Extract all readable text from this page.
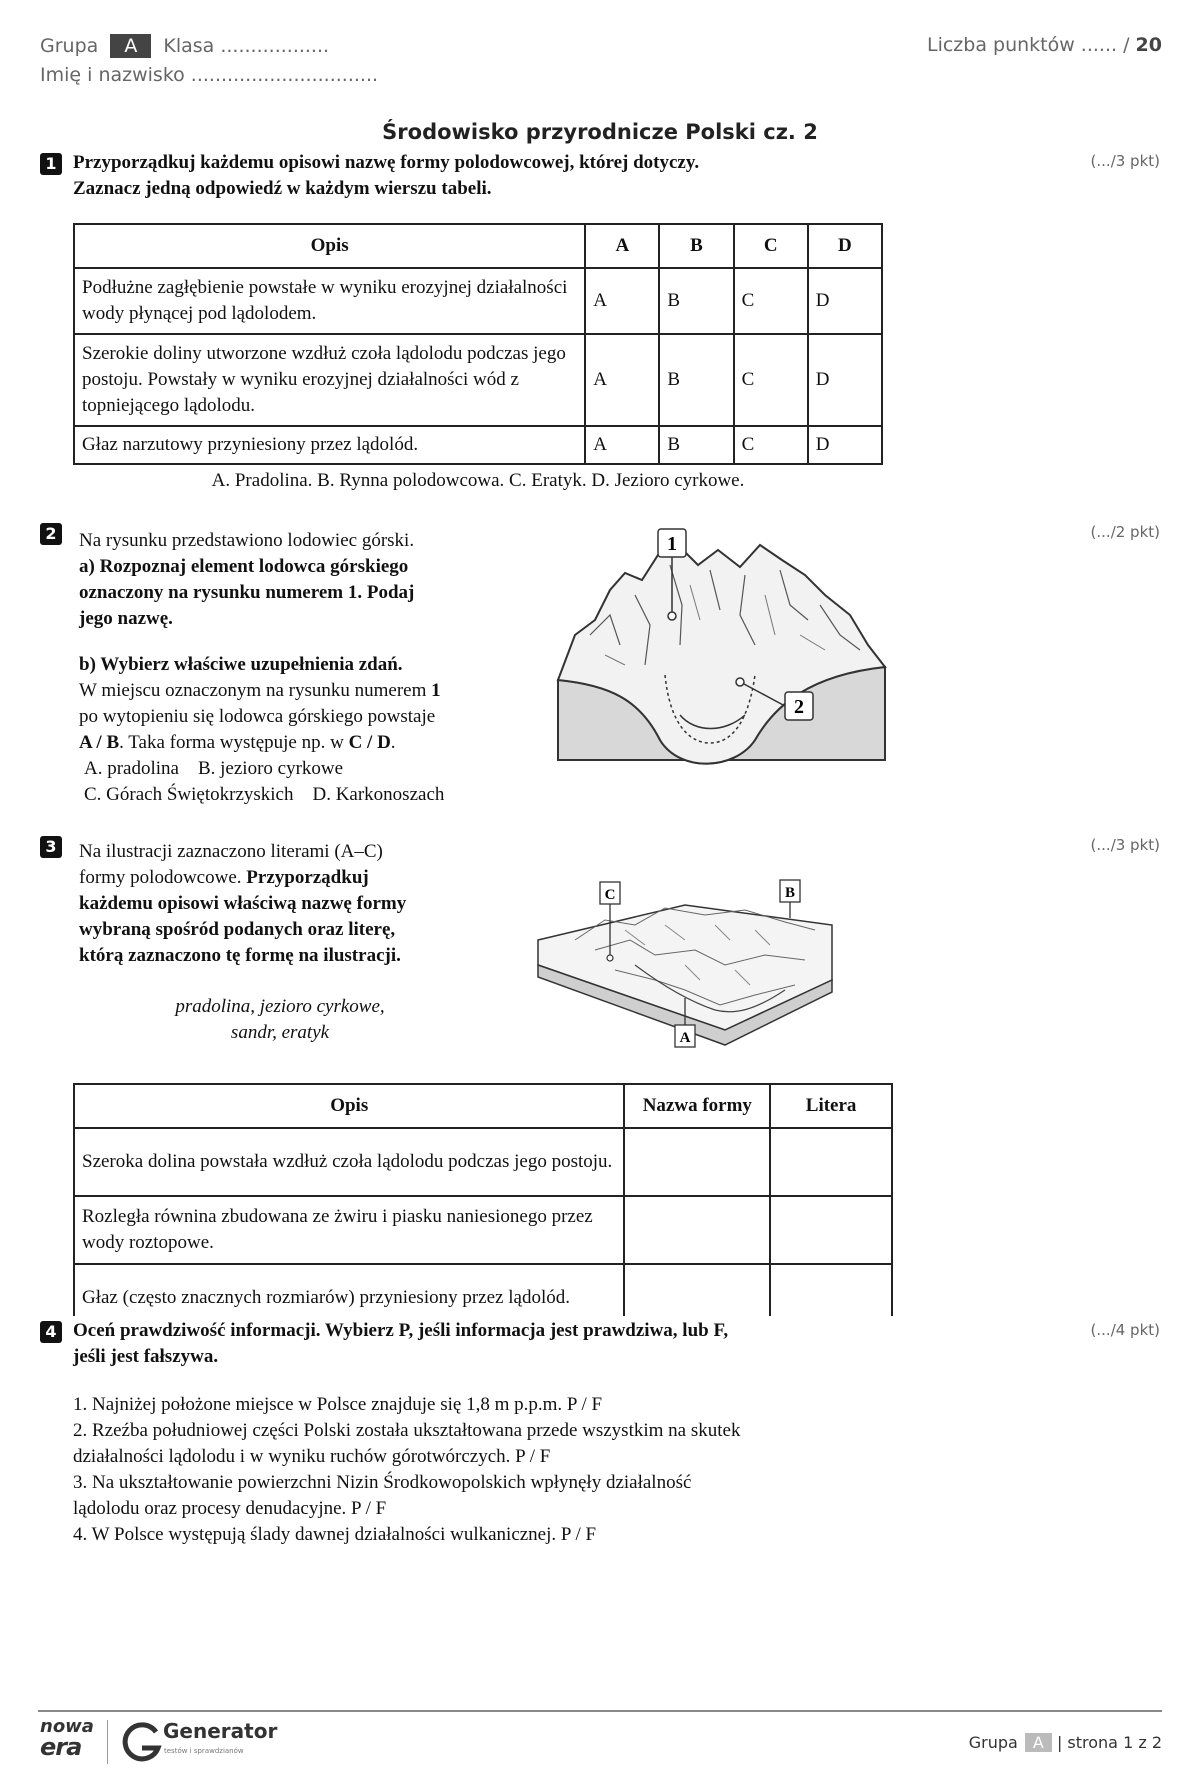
Grupa A Klasa ..................
Imię i nazwisko ...............................
Liczba punktów ...... / 20
Środowisko przyrodnicze Polski cz. 2
1 Przyporządkuj każdemu opisowi nazwę formy polodowcowej, której dotyczy.
Zaznacz jedną odpowiedź w każdym wierszu tabeli.
(.../3 pkt)
Opis	A	B	C	D
Podłużne zagłębienie powstałe w wyniku erozyjnej działalności wody płynącej pod lądolodem.	A	B	C	D
Szerokie doliny utworzone wzdłuż czoła lądolodu podczas jego postoju. Powstały w wyniku erozyjnej działalności wód z topniejącego lądolodu.	A	B	C	D
Głaz narzutowy przyniesiony przez lądolód.	A	B	C	D
A. Pradolina. B. Rynna polodowcowa. C. Eratyk. D. Jezioro cyrkowe.
2	(.../2 pkt)
Na rysunku przedstawiono lodowiec górski.
a) Rozpoznaj element lodowca górskiego
oznaczony na rysunku numerem 1. Podaj
jego nazwę.
b) Wybierz właściwe uzupełnienia zdań.
W miejscu oznaczonym na rysunku numerem 1
po wytopieniu się lodowca górskiego powstaje
A / B. Taka forma występuje np. w C / D.
A. pradolina B. jezioro cyrkowe
C. Górach Świętokrzyskich D. Karkonoszach
1
2
3	(.../3 pkt)
Na ilustracji zaznaczono literami (A–C)
formy polodowcowe. Przyporządkuj
każdemu opisowi właściwą nazwę formy
wybraną spośród podanych oraz literę,
którą zaznaczono tę formę na ilustracji.
pradolina, jezioro cyrkowe,
sandr, eratyk
C	B
A
Opis	Nazwa formy	Litera
Szeroka dolina powstała wzdłuż czoła lądolodu podczas jego postoju.		
Rozległa równina zbudowana ze żwiru i piasku naniesionego przez wody roztopowe.		
Głaz (często znacznych rozmiarów) przyniesiony przez lądolód.		
4	(.../4 pkt)
Oceń prawdziwość informacji. Wybierz P, jeśli informacja jest prawdziwa, lub F,
jeśli jest fałszywa.
1. Najniżej położone miejsce w Polsce znajduje się 1,8 m p.p.m. P / F
2. Rzeźba południowej części Polski została ukształtowana przede wszystkim na skutek
działalności lądolodu i w wyniku ruchów górotwórczych. P / F
3. Na ukształtowanie powierzchni Nizin Środkowopolskich wpłynęły działalność
lądolodu oraz procesy denudacyjne. P / F
4. W Polsce występują ślady dawnej działalności wulkanicznej. P / F
nowa
era
Generator
testów i sprawdzianów	Grupa A | strona 1 z 2
